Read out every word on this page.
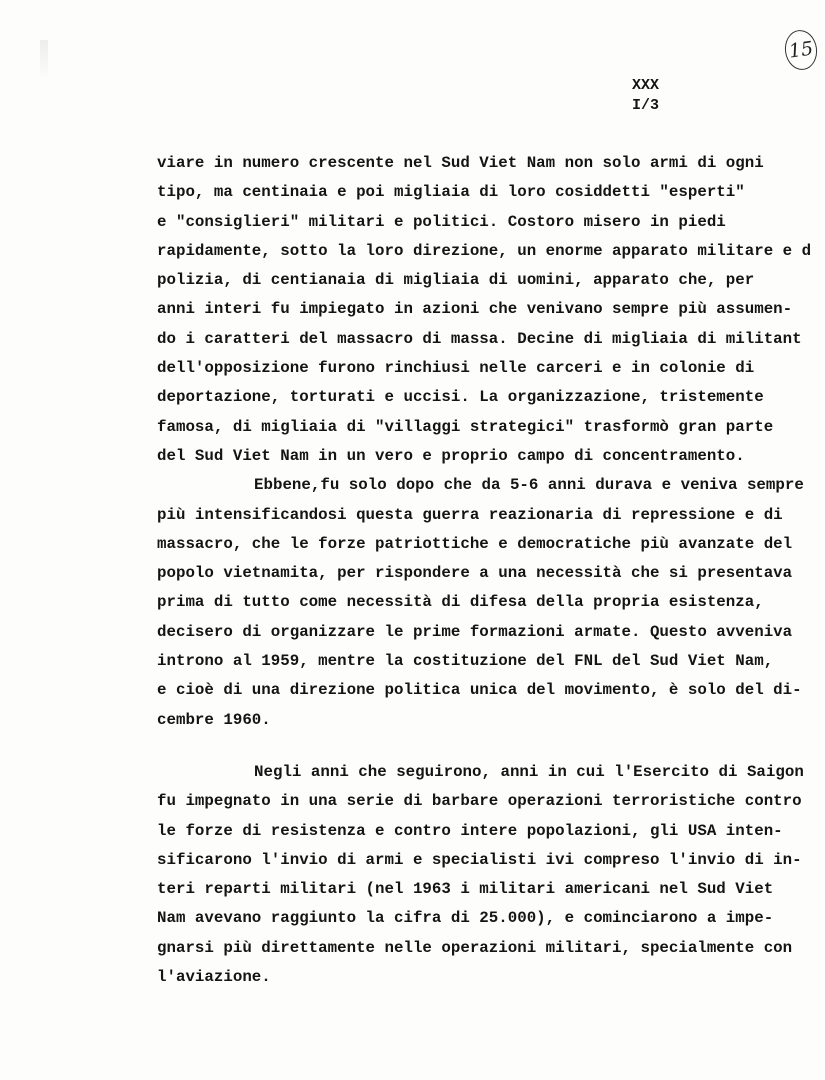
15
XXX
I/3
viare in numero crescente nel Sud Viet Nam non solo armi di ogni
tipo, ma centinaia e poi migliaia di loro cosiddetti "esperti"
e "consiglieri" militari e politici. Costoro misero in piedi
rapidamente, sotto la loro direzione, un enorme apparato militare e d
polizia, di centianaia di migliaia di uomini, apparato che, per
anni interi fu impiegato in azioni che venivano sempre più assumen-
do i caratteri del massacro di massa. Decine di migliaia di militant
dell'opposizione furono rinchiusi nelle carceri e in colonie di
deportazione, torturati e uccisi. La organizzazione, tristemente
famosa, di migliaia di "villaggi strategici" trasformò gran parte
del Sud Viet Nam in un vero e proprio campo di concentramento.
Ebbene,fu solo dopo che da 5-6 anni durava e veniva sempre
più intensificandosi questa guerra reazionaria di repressione e di
massacro, che le forze patriottiche e democratiche più avanzate del
popolo vietnamita, per rispondere a una necessità che si presentava
prima di tutto come necessità di difesa della propria esistenza,
decisero di organizzare le prime formazioni armate. Questo avveniva
introno al 1959, mentre la costituzione del FNL del Sud Viet Nam,
e cioè di una direzione politica unica del movimento, è solo del di-
cembre 1960.
Negli anni che seguirono, anni in cui l'Esercito di Saigon
fu impegnato in una serie di barbare operazioni terroristiche contro
le forze di resistenza e contro intere popolazioni, gli USA inten-
sificarono l'invio di armi e specialisti ivi compreso l'invio di in-
teri reparti militari (nel 1963 i militari americani nel Sud Viet
Nam avevano raggiunto la cifra di 25.000), e cominciarono a impe-
gnarsi più direttamente nelle operazioni militari, specialmente con
l'aviazione.
